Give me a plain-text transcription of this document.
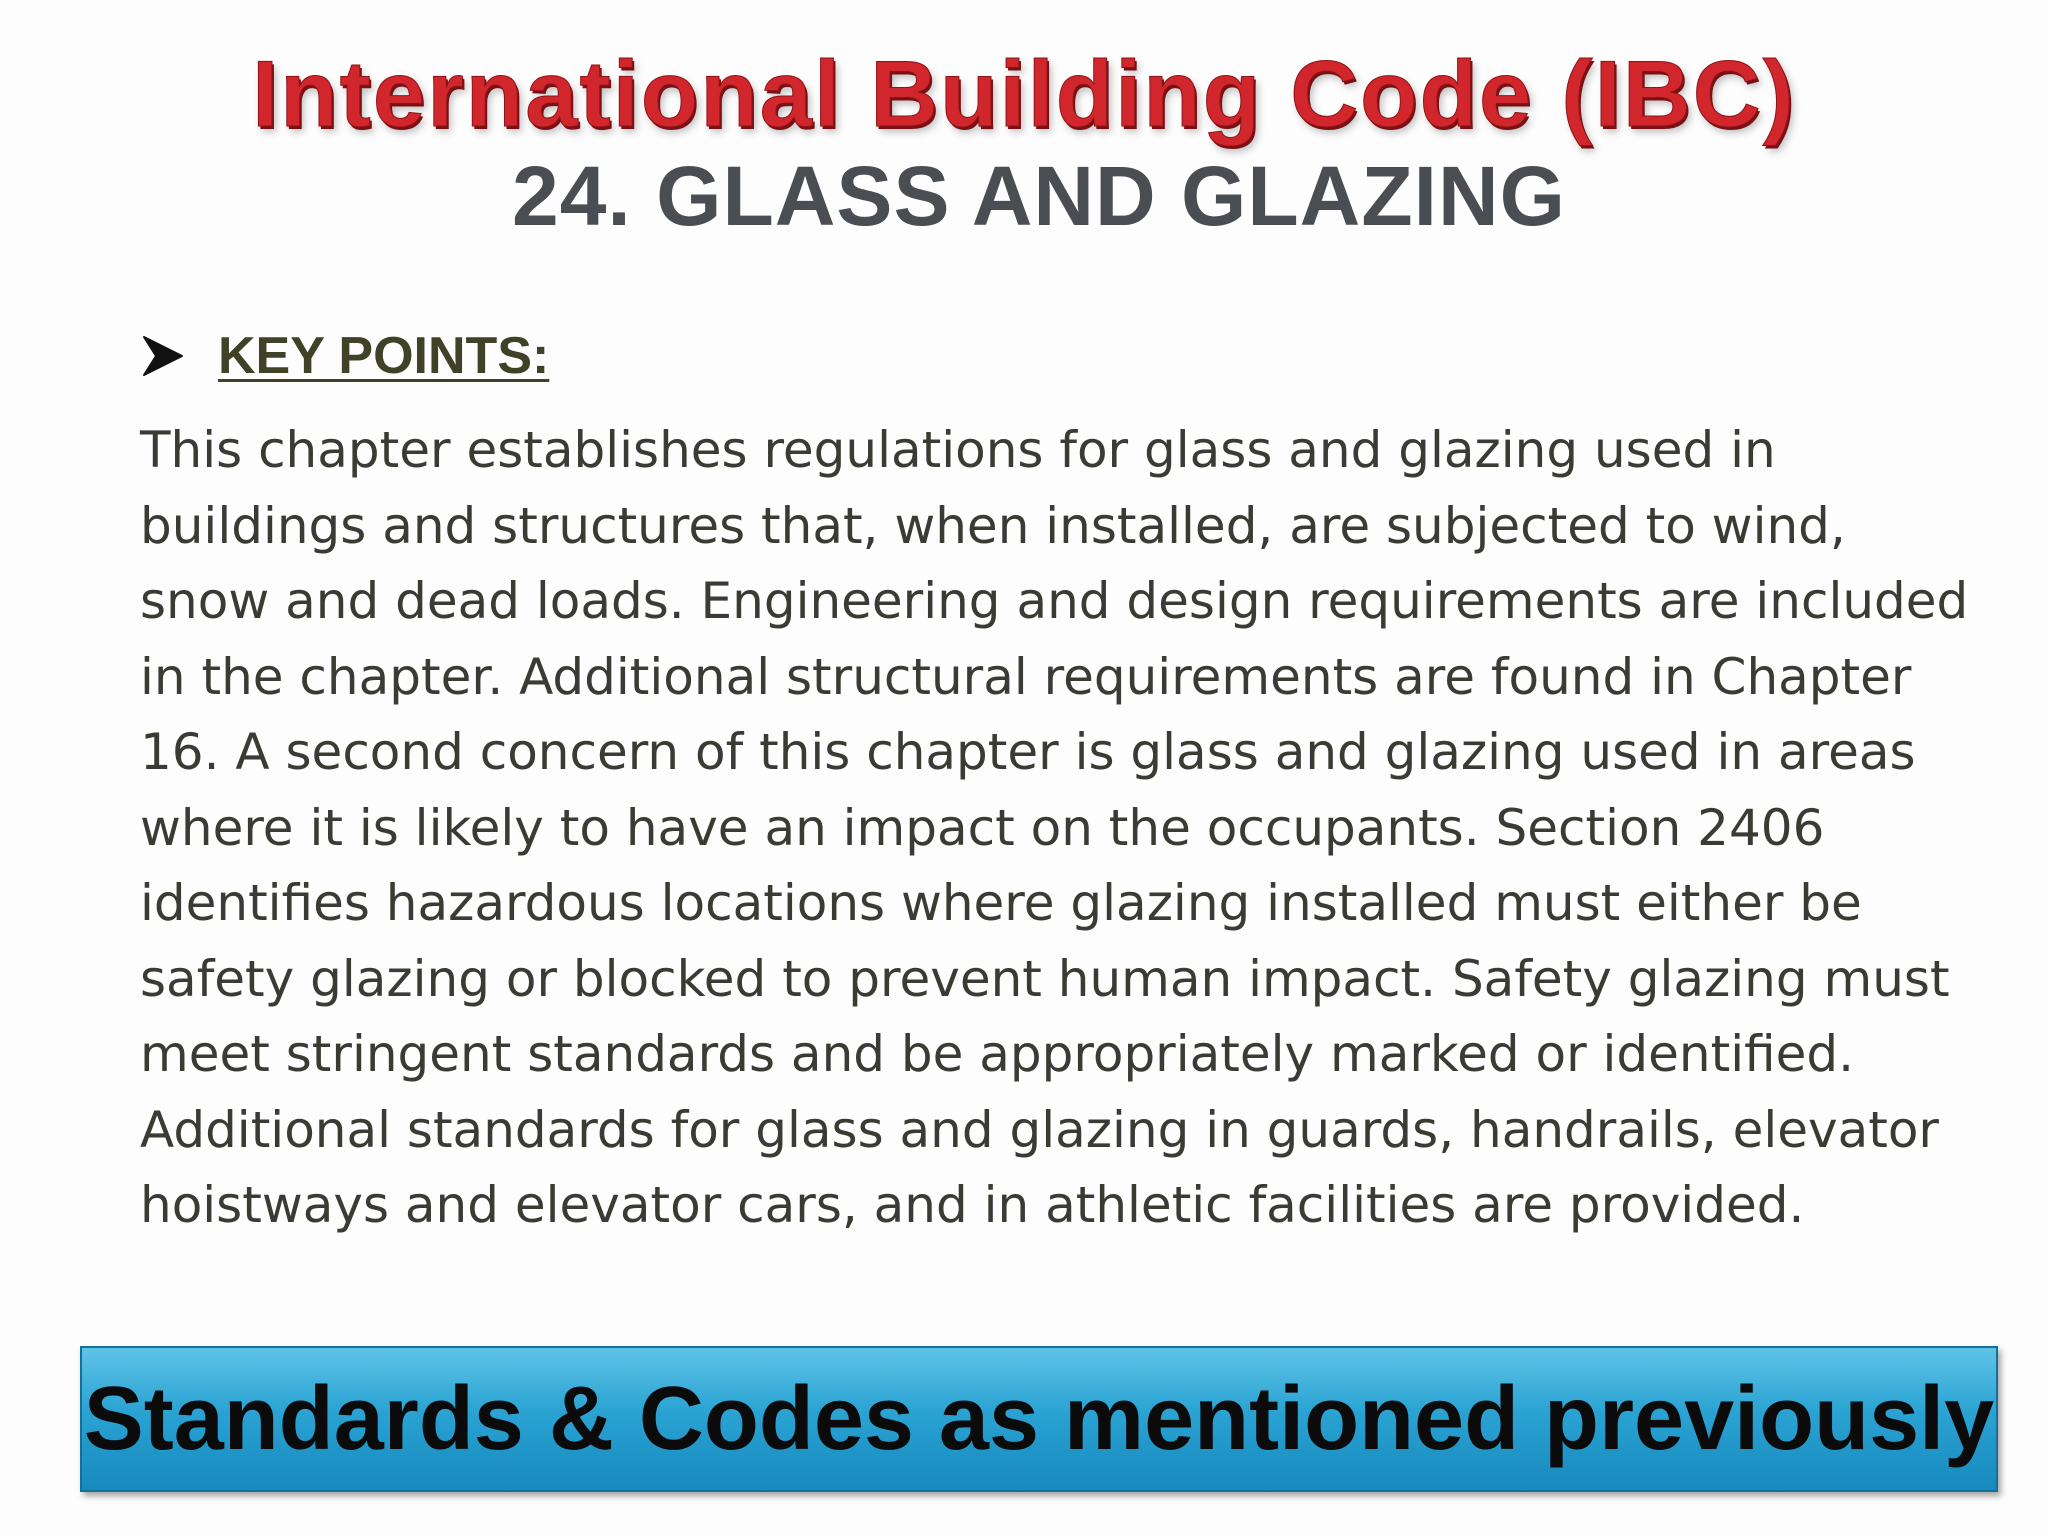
International Building Code (IBC)
24. GLASS AND GLAZING
KEY POINTS:
This chapter establishes regulations for glass and glazing used in buildings and structures that, when installed, are subjected to wind, snow and dead loads. Engineering and design requirements are included in the chapter. Additional structural requirements are found in Chapter 16. A second concern of this chapter is glass and glazing used in areas where it is likely to have an impact on the occupants. Section 2406 identifies hazardous locations where glazing installed must either be safety glazing or blocked to prevent human impact. Safety glazing must meet stringent standards and be appropriately marked or identified. Additional standards for glass and glazing in guards, handrails, elevator hoistways and elevator cars, and in athletic facilities are provided.
Standards & Codes as mentioned previously
